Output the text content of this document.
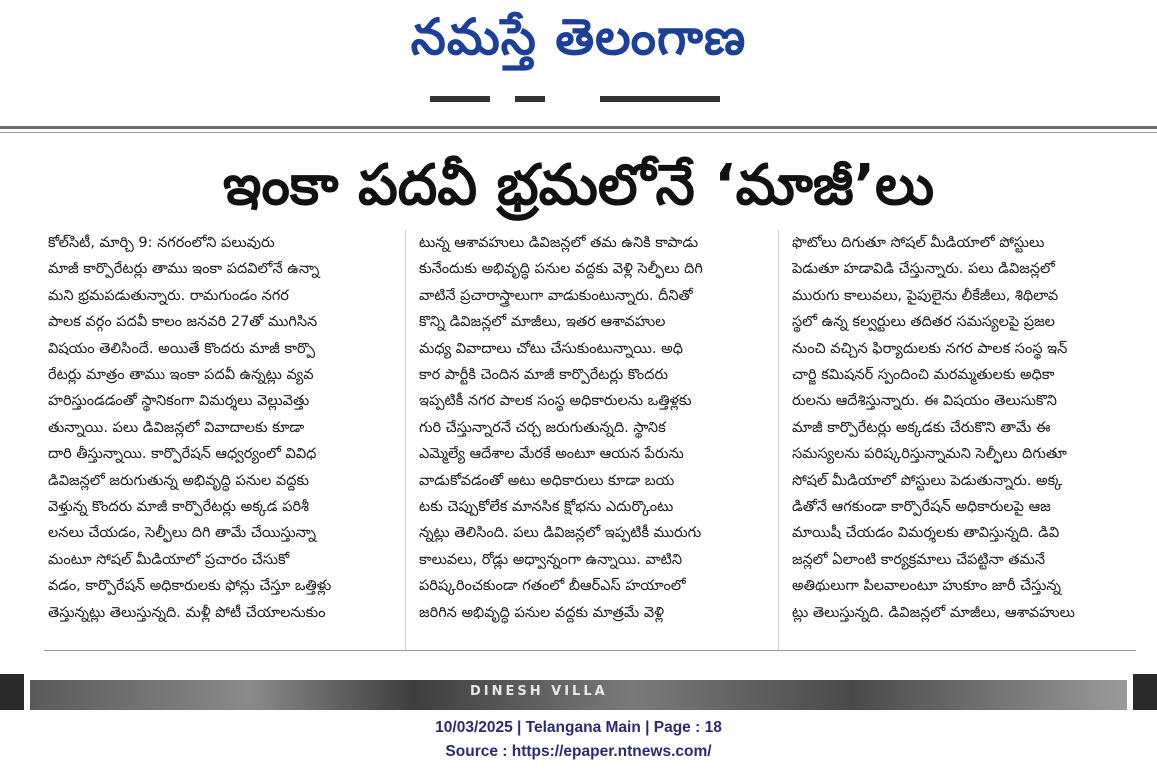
నమస్తే తెలంగాణ
ఇంకా పదవీ భ్రమలోనే ‘మాజీ’లు
కోల్‌సిటీ, మార్చి 9: నగరంలోని పలువురు
మాజీ కార్పొరేటర్లు తాము ఇంకా పదవిలోనే ఉన్నా
మని భ్రమపడుతున్నారు. రామగుండం నగర
పాలక వర్గం పదవీ కాలం జనవరి 27తో ముగిసిన
విషయం తెలిసిందే. అయితే కొందరు మాజీ కార్పొ
రేటర్లు మాత్రం తాము ఇంకా పదవీ ఉన్నట్లు వ్యవ
హరిస్తుండడంతో స్థానికంగా విమర్శలు వెల్లువెత్తు
తున్నాయి. పలు డివిజన్లలో వివాదాలకు కూడా
దారి తీస్తున్నాయి. కార్పొరేషన్ ఆధ్వర్యంలో వివిధ
డివిజన్లలో జరుగుతున్న అభివృద్ధి పనుల వద్దకు
వెళ్తున్న కొందరు మాజీ కార్పొరేటర్లు అక్కడ పరిశీ
లనలు చేయడం, సెల్ఫీలు దిగి తామే చేయిస్తున్నా
మంటూ సోషల్ మీడియాలో ప్రచారం చేసుకో
వడం, కార్పొరేషన్ అధికారులకు ఫోన్లు చేస్తూ ఒత్తిళ్లు
తెస్తున్నట్లు తెలుస్తున్నది. మళ్లీ పోటీ చేయాలనుకుం
టున్న ఆశావహులు డివిజన్లలో తమ ఉనికి కాపాడు
కునేందుకు అభివృద్ధి పనుల వద్దకు వెళ్లి సెల్ఫీలు దిగి
వాటినే ప్రచారాస్త్రాలుగా వాడుకుంటున్నారు. దీనితో
కొన్ని డివిజన్లలో మాజీలు, ఇతర ఆశావహుల
మధ్య వివాదాలు చోటు చేసుకుంటున్నాయి. అధి
కార పార్టీకి చెందిన మాజీ కార్పొరేటర్లు కొందరు
ఇప్పటికీ నగర పాలక సంస్థ అధికారులను ఒత్తిళ్లకు
గురి చేస్తున్నారనే చర్చ జరుగుతున్నది. స్థానిక
ఎమ్మెల్యే ఆదేశాల మేరకే అంటూ ఆయన పేరును
వాడుకోవడంతో అటు అధికారులు కూడా బయ
టకు చెప్పుకోలేక మానసిక క్షోభను ఎదుర్కొంటు
న్నట్లు తెలిసింది. పలు డివిజన్లలో ఇప్పటికీ మురుగు
కాలువలు, రోడ్లు అధ్వాన్నంగా ఉన్నాయి. వాటిని
పరిష్కరించకుండా గతంలో బీఆర్ఎస్ హయాంలో
జరిగిన అభివృద్ధి పనుల వద్దకు మాత్రమే వెళ్లి
ఫొటోలు దిగుతూ సోషల్ మీడియాలో పోస్టులు
పెడుతూ హడావిడి చేస్తున్నారు. పలు డివిజన్లలో
మురుగు కాలువలు, పైపులైను లీకేజీలు, శిథిలావ
స్థలో ఉన్న కల్వర్టులు తదితర సమస్యలపై ప్రజల
నుంచి వచ్చిన ఫిర్యాదులకు నగర పాలక సంస్థ ఇన్
చార్జి కమిషనర్ స్పందించి మరమ్మతులకు అధికా
రులను ఆదేశిస్తున్నారు. ఈ విషయం తెలుసుకొని
మాజీ కార్పొరేటర్లు అక్కడకు చేరుకొని తామే ఈ
సమస్యలను పరిష్కరిస్తున్నామని సెల్ఫీలు దిగుతూ
సోషల్ మీడియాలో పోస్టులు పెడుతున్నారు. అక్క
డితోనే ఆగకుండా కార్పొరేషన్ అధికారులపై ఆజ
మాయిషీ చేయడం విమర్శలకు తావిస్తున్నది. డివి
జన్లలో ఏలాంటి కార్యక్రమాలు చేపట్టినా తమనే
అతిథులుగా పిలవాలంటూ హుకూం జారీ చేస్తున్న
ట్లు తెలుస్తున్నది. డివిజన్లలో మాజీలు, ఆశావహులు
DINESH VILLA
10/03/2025 | Telangana Main | Page : 18
Source : https://epaper.ntnews.com/
